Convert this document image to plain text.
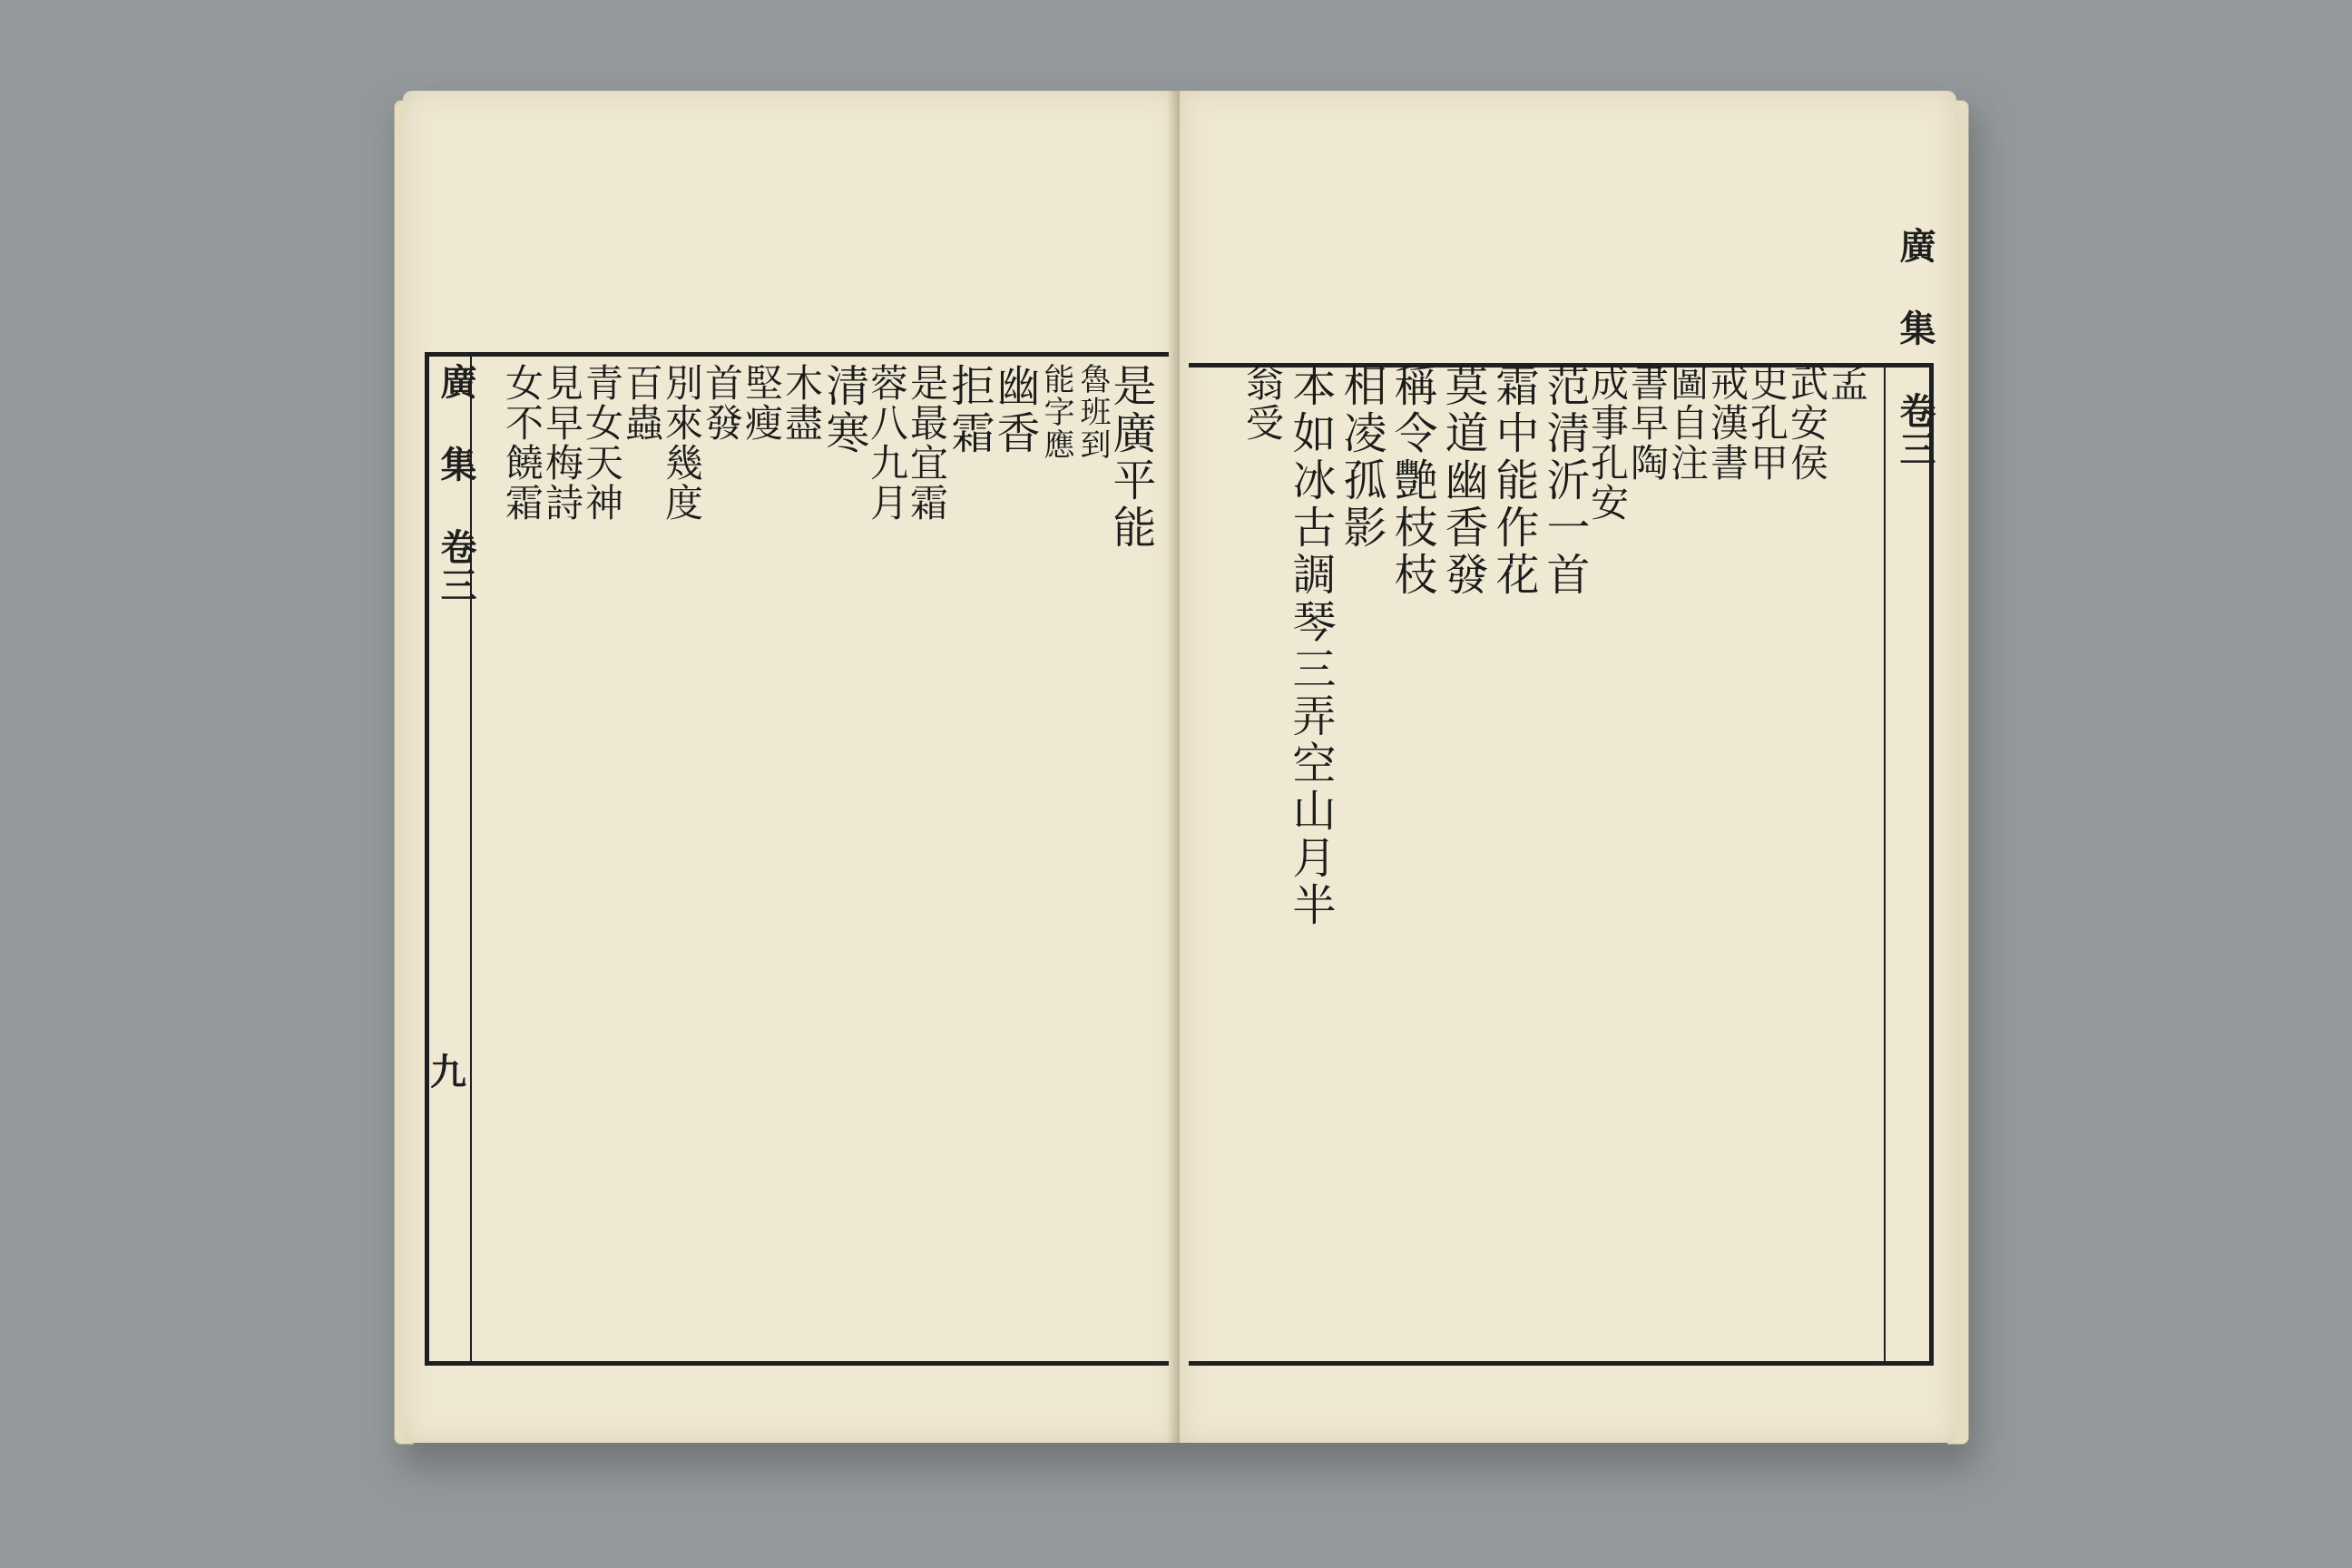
廣 集 卷三
九
是廣平能
魯班到
能字應
幽香
拒霜
是最宜霜
蓉八九月
清寒
木盡
堅瘦
首發
別來幾度
百蟲
青女天神
見早梅詩
女不饒霜	廣 集 卷三
孟
武安侯
史孔甲
戒漢書
圖自注
書早陶
成事孔安
范清沂一首
霜中能作花
莫道幽香發
稱令艷枝枝
相凌孤影
本如冰古調琴三弄空山月半
翁受
